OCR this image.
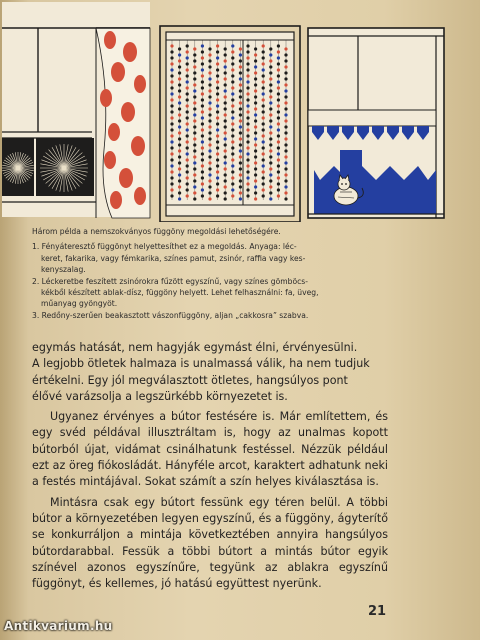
Három példa a nemszokványos függöny megoldási lehetőségére.

1. Fényáteresztő függönyt helyettesíthet ez a megoldás. Anyaga: léc-

keret, fakarika, vagy fémkarika, színes pamut, zsinór, raffia vagy kes-

kenyszalag.

2. Léckeretbe feszített zsinórokra fűzött egyszínű, vagy színes gömböcs-

kékből készített ablak-dísz, függöny helyett. Lehet felhasználni: fa, üveg,

műanyag gyöngyöt.

3. Redőny-szerűen beakasztott vászonfüggöny, aljan „cakkosra” szabva.

egymás hatását, nem hagyják egymást élni, érvényesülni.

A legjobb ötletek halmaza is unalmassá válik, ha nem tudjuk

értékelni. Egy jól megválasztott ötletes, hangsúlyos pont

élővé varázsolja a legszürkébb környezetet is.

Ugyanez érvényes a bútor festésére is. Már említettem, és egy svéd példával illusztráltam is, hogy az unalmas kopott bútorból újat, vidámat csinálhatunk festéssel. Nézzük például ezt az öreg fiókosládát. Hányféle arcot, karaktert adhatunk neki a festés mintájával. Sokat számít a szín helyes kiválasztása is.

Mintásra csak egy bútort fessünk egy téren belül. A többi bútor a környezetében legyen egyszínű, és a függöny, ágyterítő se konkurráljon a mintája következtében annyira hangsúlyos bútordarabbal. Fessük a többi bútort a mintás bútor egyik színével azonos egyszínűre, tegyünk az ablakra egyszínű függönyt, és kellemes, jó hatású együttest nyerünk.

21
Antikvarium.hu
